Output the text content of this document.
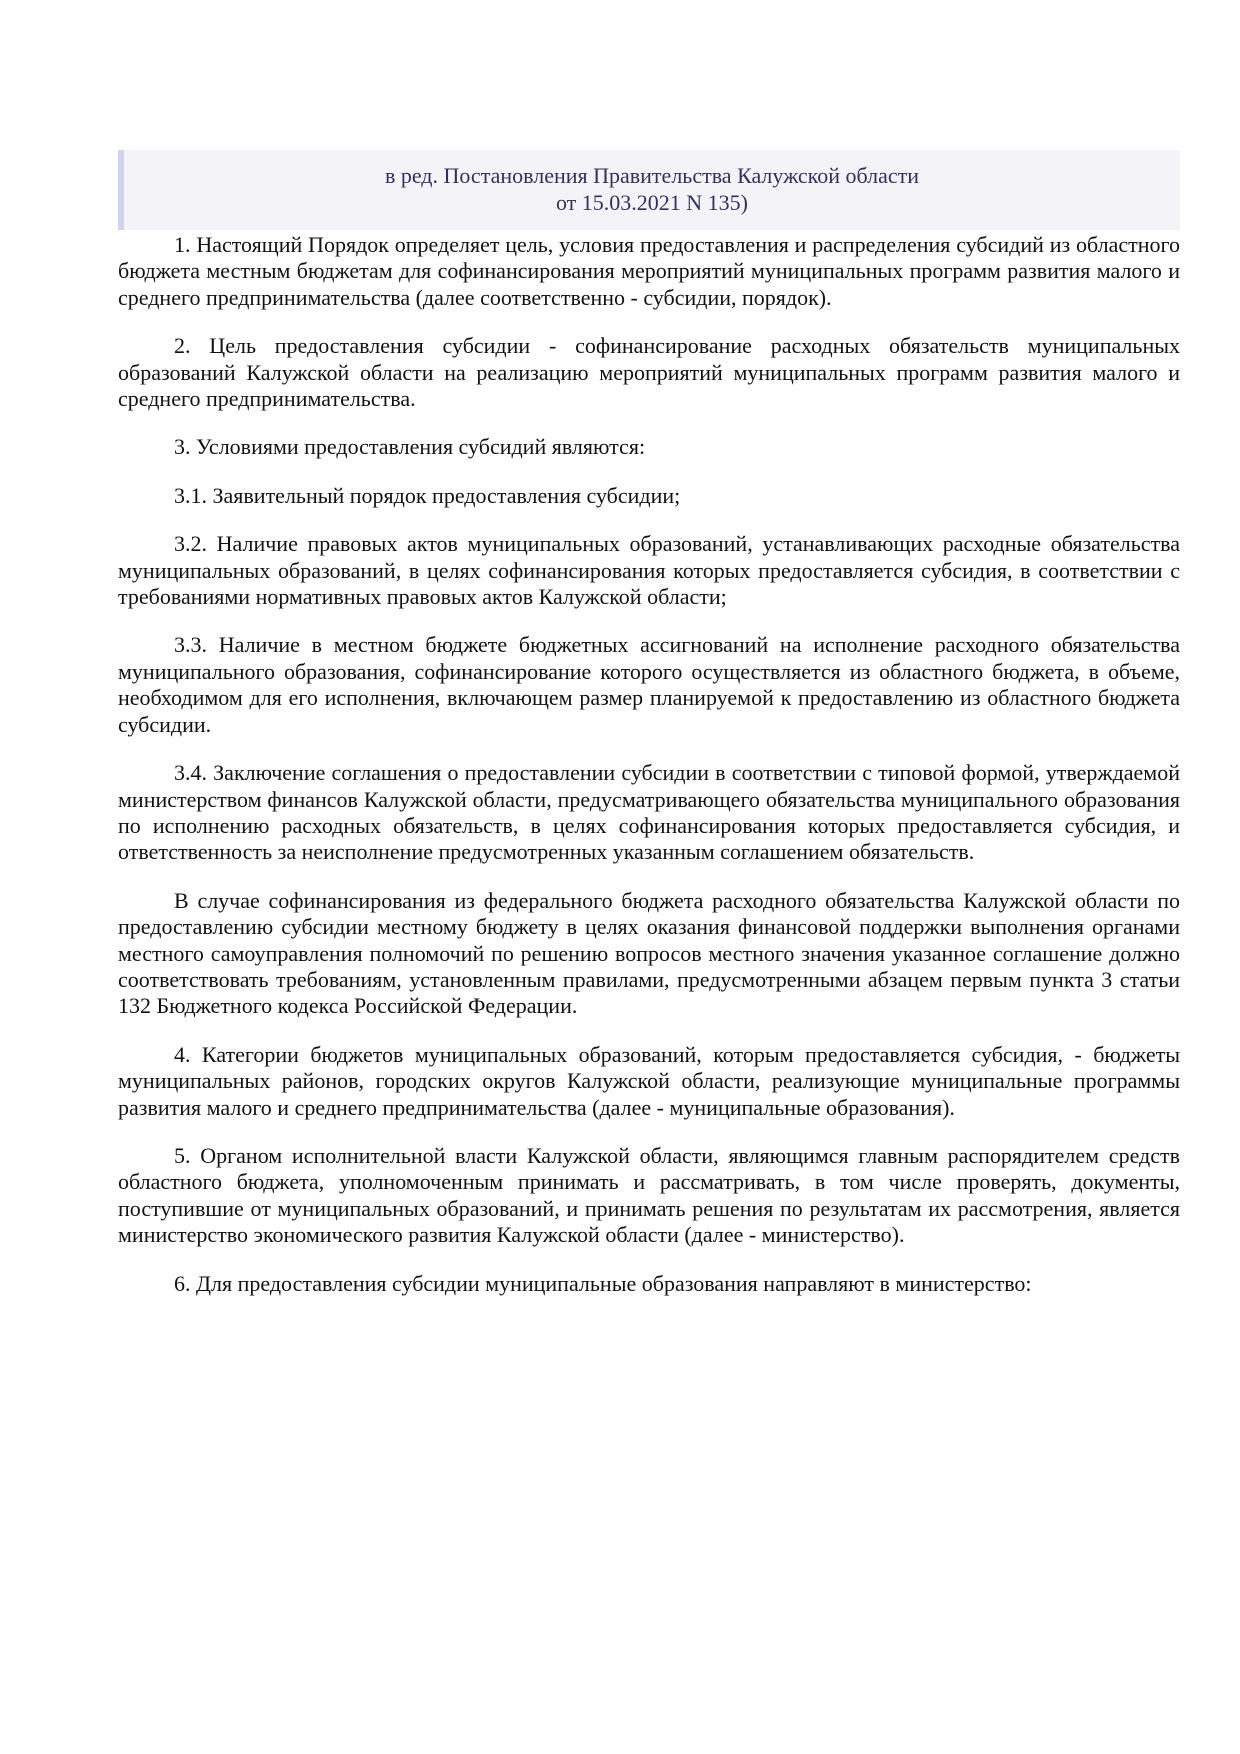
в ред. Постановления Правительства Калужской области
от 15.03.2021 N 135)

1. Настоящий Порядок определяет цель, условия предоставления и распределения субсидий из областного бюджета местным бюджетам для софинансирования мероприятий муниципальных программ развития малого и среднего предпринимательства (далее соответственно - субсидии, порядок).

2. Цель предоставления субсидии - софинансирование расходных обязательств муниципальных образований Калужской области на реализацию мероприятий муниципальных программ развития малого и среднего предпринимательства.

3. Условиями предоставления субсидий являются:

3.1. Заявительный порядок предоставления субсидии;

3.2. Наличие правовых актов муниципальных образований, устанавливающих расходные обязательства муниципальных образований, в целях софинансирования которых предоставляется субсидия, в соответствии с требованиями нормативных правовых актов Калужской области;

3.3. Наличие в местном бюджете бюджетных ассигнований на исполнение расходного обязательства муниципального образования, софинансирование которого осуществляется из областного бюджета, в объеме, необходимом для его исполнения, включающем размер планируемой к предоставлению из областного бюджета субсидии.

3.4. Заключение соглашения о предоставлении субсидии в соответствии с типовой формой, утверждаемой министерством финансов Калужской области, предусматривающего обязательства муниципального образования по исполнению расходных обязательств, в целях софинансирования которых предоставляется субсидия, и ответственность за неисполнение предусмотренных указанным соглашением обязательств.

В случае софинансирования из федерального бюджета расходного обязательства Калужской области по предоставлению субсидии местному бюджету в целях оказания финансовой поддержки выполнения органами местного самоуправления полномочий по решению вопросов местного значения указанное соглашение должно соответствовать требованиям, установленным правилами, предусмотренными абзацем первым пункта 3 статьи 132 Бюджетного кодекса Российской Федерации.

4. Категории бюджетов муниципальных образований, которым предоставляется субсидия, - бюджеты муниципальных районов, городских округов Калужской области, реализующие муниципальные программы развития малого и среднего предпринимательства (далее - муниципальные образования).

5. Органом исполнительной власти Калужской области, являющимся главным распорядителем средств областного бюджета, уполномоченным принимать и рассматривать, в том числе проверять, документы, поступившие от муниципальных образований, и принимать решения по результатам их рассмотрения, является министерство экономического развития Калужской области (далее - министерство).

6. Для предоставления субсидии муниципальные образования направляют в министерство:
